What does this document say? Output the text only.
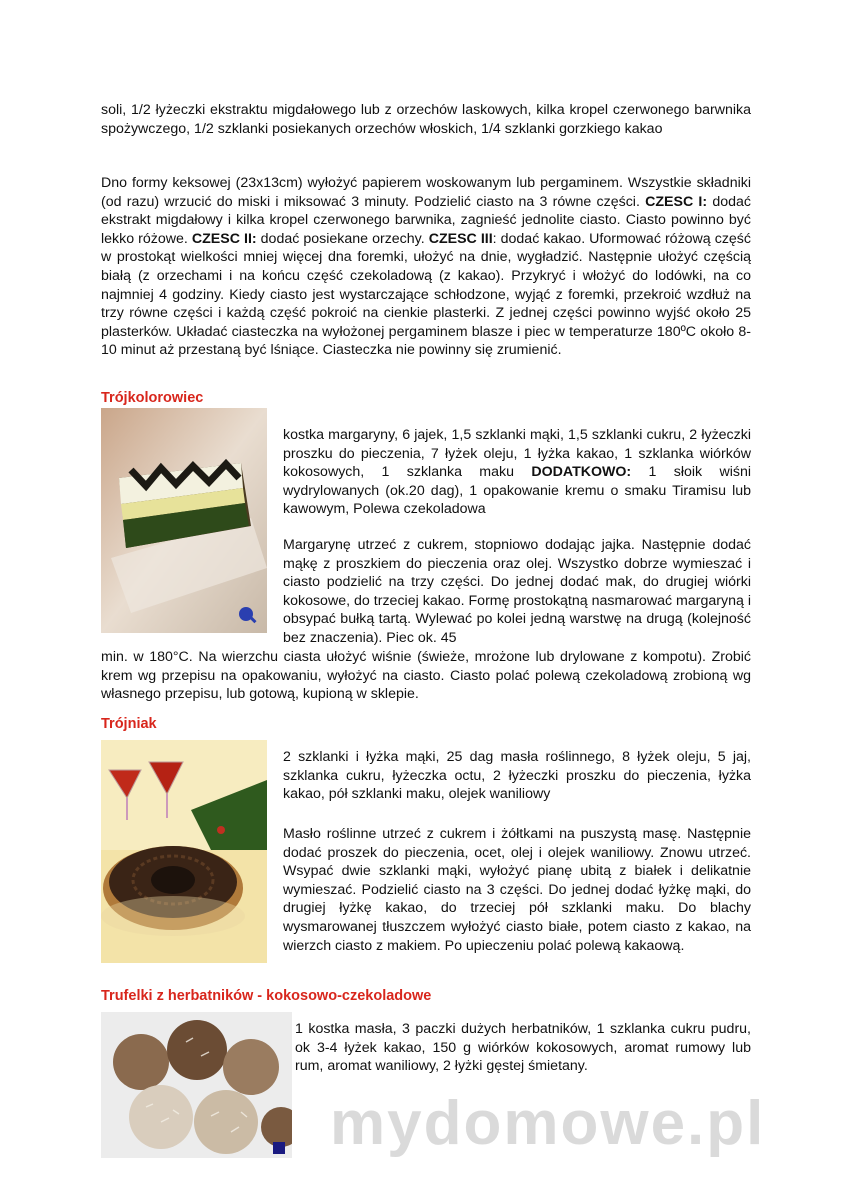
soli, 1/2 łyżeczki ekstraktu migdałowego lub z orzechów laskowych, kilka kropel czerwonego barwnika spożywczego, 1/2 szklanki posiekanych orzechów włoskich, 1/4 szklanki gorzkiego kakao

Dno formy keksowej (23x13cm) wyłożyć papierem woskowanym lub pergaminem. Wszystkie składniki (od razu) wrzucić do miski i miksować 3 minuty. Podzielić ciasto na 3 równe części. CZESC I: dodać ekstrakt migdałowy i kilka kropel czerwonego barwnika, zagnieść jednolite ciasto. Ciasto powinno być lekko różowe. CZESC II: dodać posiekane orzechy. CZESC III: dodać kakao. Uformować różową część w prostokąt wielkości mniej więcej dna foremki, ułożyć na dnie, wygładzić. Następnie ułożyć częścią białą (z orzechami i na końcu część czekoladową (z kakao). Przykryć i włożyć do lodówki, na co najmniej 4 godziny. Kiedy ciasto jest wystarczające schłodzone, wyjąć z foremki, przekroić wzdłuż na trzy równe części i każdą część pokroić na cienkie plasterki. Z jednej części powinno wyjść około 25 plasterków. Układać ciasteczka na wyłożonej pergaminem blasze i piec w temperaturze 180ºC około 8-10 minut aż przestaną być lśniące. Ciasteczka nie powinny się zrumienić.

Trójkolorowiec

kostka margaryny, 6 jajek, 1,5 szklanki mąki, 1,5 szklanki cukru, 2 łyżeczki proszku do pieczenia, 7 łyżek oleju, 1 łyżka kakao, 1 szklanka wiórków kokosowych, 1 szklanka maku DODATKOWO: 1 słoik wiśni wydrylowanych (ok.20 dag), 1 opakowanie kremu o smaku Tiramisu lub kawowym, Polewa czekoladowa

Margarynę utrzeć z cukrem, stopniowo dodając jajka. Następnie dodać mąkę z proszkiem do pieczenia oraz olej. Wszystko dobrze wymieszać i ciasto podzielić na trzy części. Do jednej dodać mak, do drugiej wiórki kokosowe, do trzeciej kakao. Formę prostokątną nasmarować margaryną i obsypać bułką tartą. Wylewać po kolei jedną warstwę na drugą (kolejność bez znaczenia). Piec ok. 45

min. w 180°C. Na wierzchu ciasta ułożyć wiśnie (świeże, mrożone lub drylowane z kompotu). Zrobić krem wg przepisu na opakowaniu, wyłożyć na ciasto. Ciasto polać polewą czekoladową zrobioną wg własnego przepisu, lub gotową, kupioną w sklepie.

Trójniak

2 szklanki i łyżka mąki, 25 dag masła roślinnego, 8 łyżek oleju, 5 jaj, szklanka cukru, łyżeczka octu, 2 łyżeczki proszku do pieczenia, łyżka kakao, pół szklanki maku, olejek waniliowy

Masło roślinne utrzeć z cukrem i żółtkami na puszystą masę. Następnie dodać proszek do pieczenia, ocet, olej i olejek waniliowy. Znowu utrzeć. Wsypać dwie szklanki mąki, wyłożyć pianę ubitą z białek i delikatnie wymieszać. Podzielić ciasto na 3 części. Do jednej dodać łyżkę mąki, do drugiej łyżkę kakao, do trzeciej pół szklanki maku. Do blachy wysmarowanej tłuszczem wyłożyć ciasto białe, potem ciasto z kakao, na wierzch ciasto z makiem. Po upieczeniu polać polewą kakaową.

Trufelki z herbatników - kokosowo-czekoladowe

1 kostka masła, 3 paczki dużych herbatników, 1 szklanka cukru pudru, ok 3-4 łyżek kakao, 150 g wiórków kokosowych, aromat rumowy lub rum, aromat waniliowy, 2 łyżki gęstej śmietany.

mydomowe.pl
